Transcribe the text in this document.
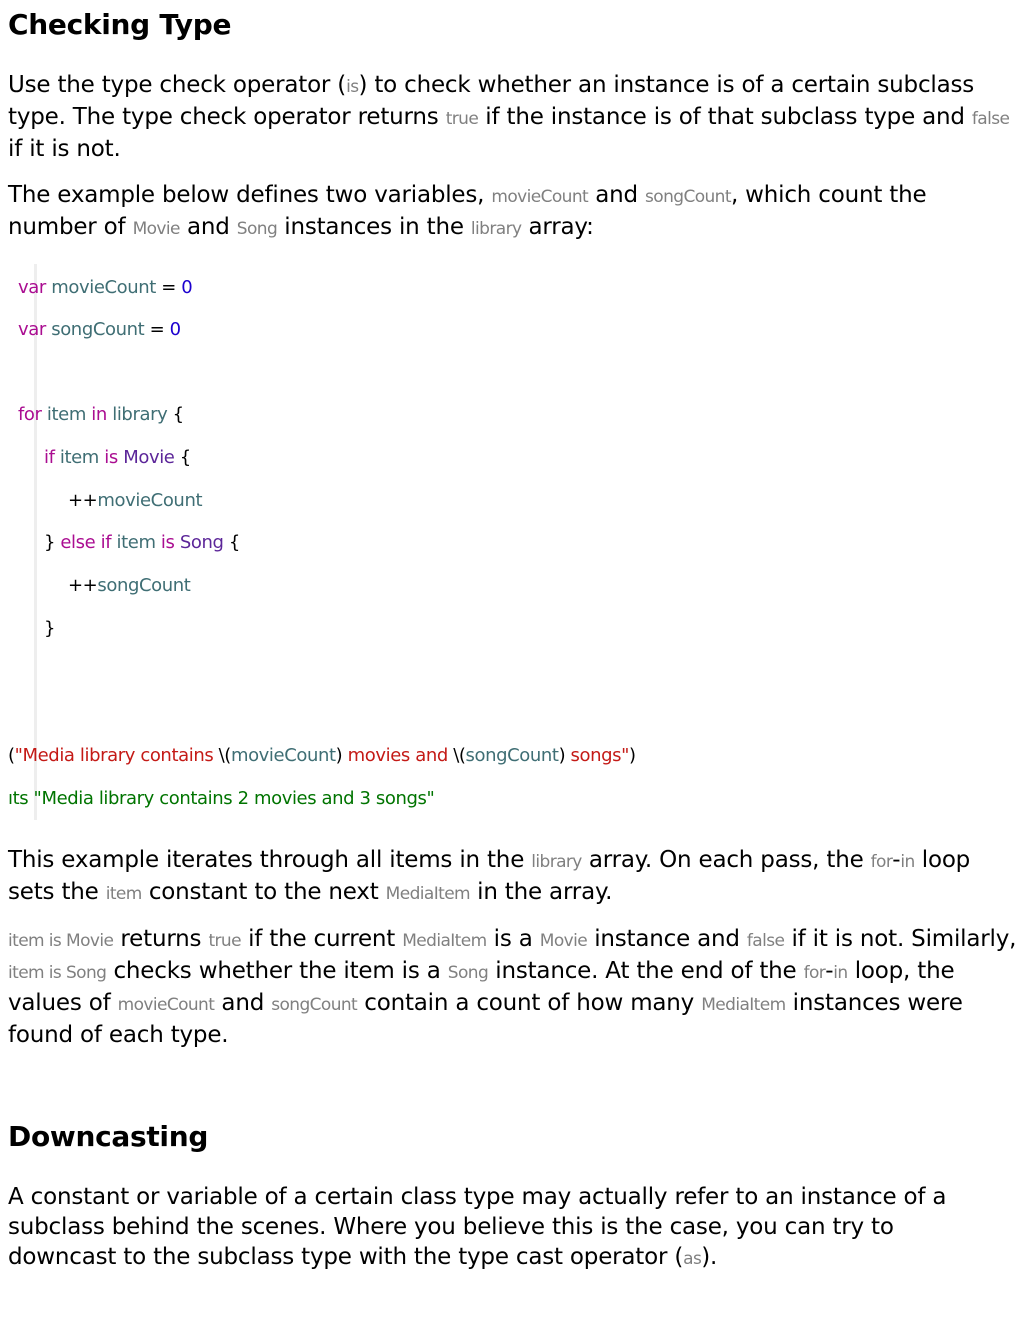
Checking Type

Use the type check operator (is) to check whether an instance is of a certain subclass type. The type check operator returns true if the instance is of that subclass type and false if it is not.

The example below defines two variables, movieCount and songCount, which count the number of Movie and Song instances in the library array:

var movieCount = 0
var songCount = 0
for item in library {
if item is Movie {
++movieCount
} else if item is Song {
++songCount
}
("Media library contains \(movieCount) movies and \(songCount) songs")
ıts "Media library contains 2 movies and 3 songs"

This example iterates through all items in the library array. On each pass, the for-in loop sets the item constant to the next MediaItem in the array.

item is Movie returns true if the current MediaItem is a Movie instance and false if it is not. Similarly, item is Song checks whether the item is a Song instance. At the end of the for-in loop, the values of movieCount and songCount contain a count of how many MediaItem instances were found of each type.

Downcasting

A constant or variable of a certain class type may actually refer to an instance of a subclass behind the scenes. Where you believe this is the case, you can try to downcast to the subclass type with the type cast operator (as).
